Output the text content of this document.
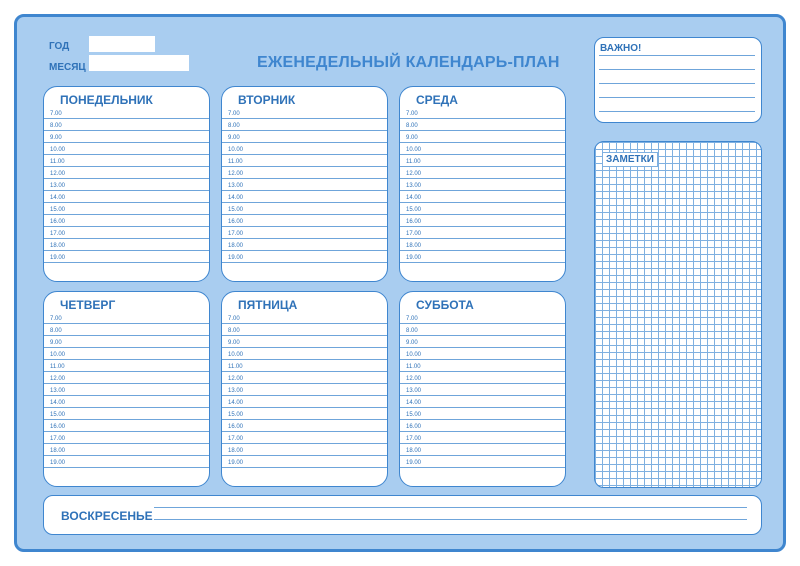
ГОД
МЕСЯЦ	ЕЖЕНЕДЕЛЬНЫЙ КАЛЕНДАРЬ-ПЛАН
ПОНЕДЕЛЬНИК
7.00
8.00
9.00
10.00
11.00
12.00
13.00
14.00
15.00
16.00
17.00
18.00
19.00
ВТОРНИК
7.00
8.00
9.00
10.00
11.00
12.00
13.00
14.00
15.00
16.00
17.00
18.00
19.00
СРЕДА
7.00
8.00
9.00
10.00
11.00
12.00
13.00
14.00
15.00
16.00
17.00
18.00
19.00
ЧЕТВЕРГ
7.00
8.00
9.00
10.00
11.00
12.00
13.00
14.00
15.00
16.00
17.00
18.00
19.00
ПЯТНИЦА
7.00
8.00
9.00
10.00
11.00
12.00
13.00
14.00
15.00
16.00
17.00
18.00
19.00
СУББОТА
7.00
8.00
9.00
10.00
11.00
12.00
13.00
14.00
15.00
16.00
17.00
18.00
19.00
ВАЖНО!
ЗАМЕТКИ
ВОСКРЕСЕНЬЕ
